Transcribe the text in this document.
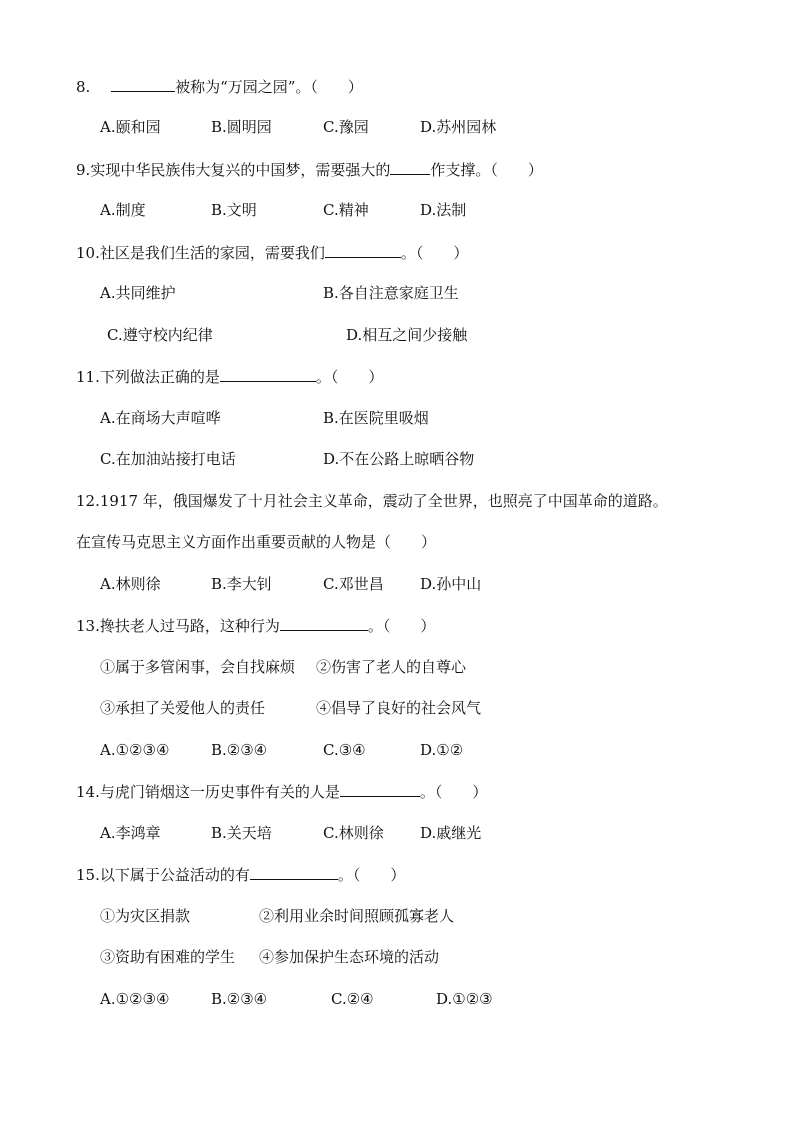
8.	被称为“万园之园”。（　　）
A.颐和园	B.圆明园	C.豫园	D.苏州园林
9.实现中华民族伟大复兴的中国梦，需要强大的	作支撑。（　　）
A.制度	B.文明	C.精神	D.法制
10.社区是我们生活的家园，需要我们	。（　　）
A.共同维护	B.各自注意家庭卫生
C.遵守校内纪律	D.相互之间少接触
11.下列做法正确的是	。（　　）
A.在商场大声喧哗	B.在医院里吸烟
C.在加油站接打电话	D.不在公路上晾晒谷物
12.1917 年，俄国爆发了十月社会主义革命，震动了全世界，也照亮了中国革命的道路。
在宣传马克思主义方面作出重要贡献的人物是（　　）
A.林则徐	B.李大钊	C.邓世昌 D.孙中山
13.搀扶老人过马路，这种行为	。（　　）
①属于多管闲事，会自找麻烦 ②伤害了老人的自尊心
③承担了关爱他人的责任	④倡导了良好的社会风气
A.①②③④	B.②③④	C.③④	D.①②
14.与虎门销烟这一历史事件有关的人是	。（　　）
A.李鸿章	B.关天培	C.林则徐 D.戚继光
15.以下属于公益活动的有	。（　　）
①为灾区捐款	②利用业余时间照顾孤寡老人
③资助有困难的学生 ④参加保护生态环境的活动
A.①②③④	B.②③④	C.②④	D.①②③
